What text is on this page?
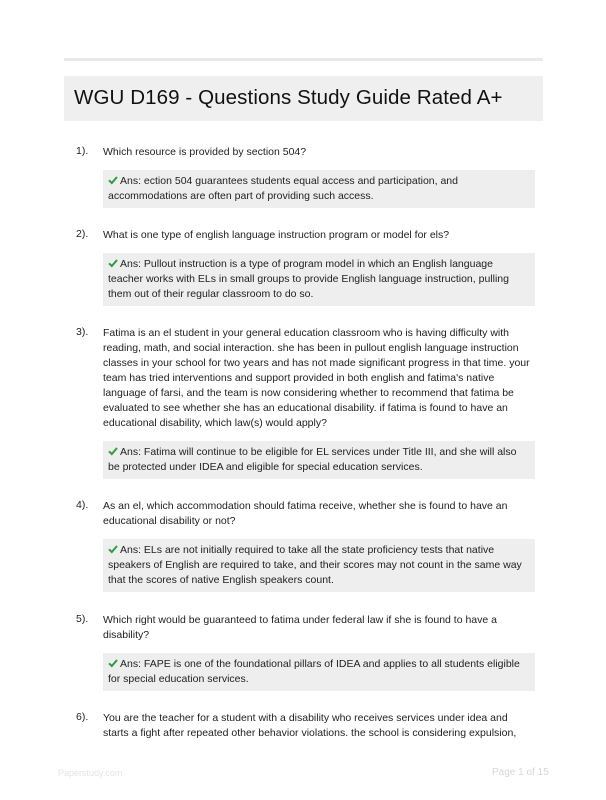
WGU D169 - Questions Study Guide Rated A+
1). Which resource is provided by section 504?

Ans: ection 504 guarantees students equal access and participation, and accommodations are often part of providing such access.
2). What is one type of english language instruction program or model for els?

Ans: Pullout instruction is a type of program model in which an English language teacher works with ELs in small groups to provide English language instruction, pulling them out of their regular classroom to do so.
3). Fatima is an el student in your general education classroom who is having difficulty with reading, math, and social interaction. she has been in pullout english language instruction classes in your school for two years and has not made significant progress in that time. your team has tried interventions and support provided in both english and fatima's native language of farsi, and the team is now considering whether to recommend that fatima be evaluated to see whether she has an educational disability. if fatima is found to have an educational disability, which law(s) would apply?

Ans: Fatima will continue to be eligible for EL services under Title III, and she will also be protected under IDEA and eligible for special education services.
4). As an el, which accommodation should fatima receive, whether she is found to have an educational disability or not?

Ans: ELs are not initially required to take all the state proficiency tests that native speakers of English are required to take, and their scores may not count in the same way that the scores of native English speakers count.
5). Which right would be guaranteed to fatima under federal law if she is found to have a disability?

Ans: FAPE is one of the foundational pillars of IDEA and applies to all students eligible for special education services.
6). You are the teacher for a student with a disability who receives services under idea and starts a fight after repeated other behavior violations. the school is considering expulsion,

Paperstudy.com	Page 1 of 15
